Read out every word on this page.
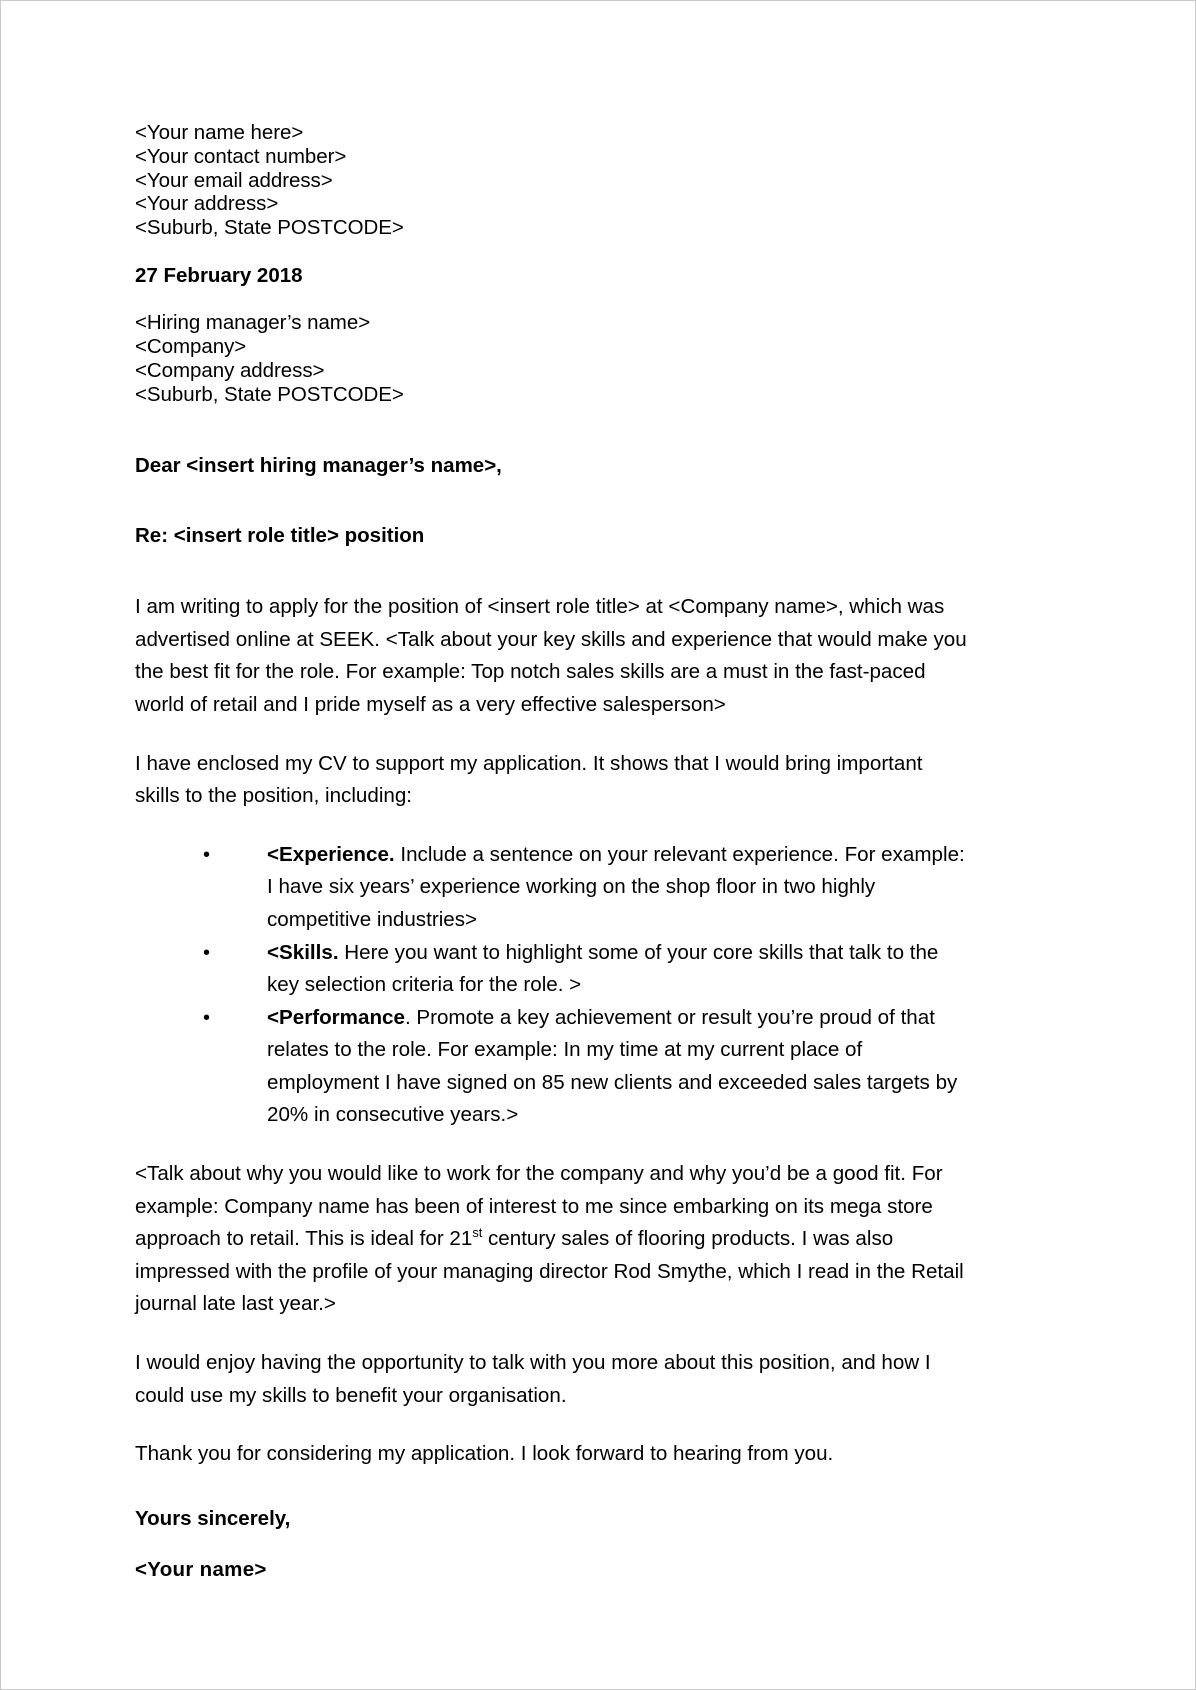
<Your name here>
<Your contact number>
<Your email address>
<Your address>
<Suburb, State POSTCODE>
27 February 2018
<Hiring manager’s name>
<Company>
<Company address>
<Suburb, State POSTCODE>
Dear <insert hiring manager’s name>,
Re: <insert role title> position
I am writing to apply for the position of <insert role title> at <Company name>, which was advertised online at SEEK. <Talk about your key skills and experience that would make you the best fit for the role. For example: Top notch sales skills are a must in the fast-paced world of retail and I pride myself as a very effective salesperson>
I have enclosed my CV to support my application. It shows that I would bring important skills to the position, including:
• <Experience. Include a sentence on your relevant experience. For example: I have six years’ experience working on the shop floor in two highly competitive industries>
• <Skills. Here you want to highlight some of your core skills that talk to the key selection criteria for the role. >
• <Performance. Promote a key achievement or result you’re proud of that relates to the role. For example: In my time at my current place of employment I have signed on 85 new clients and exceeded sales targets by 20% in consecutive years.>
<Talk about why you would like to work for the company and why you’d be a good fit. For example: Company name has been of interest to me since embarking on its mega store approach to retail. This is ideal for 21st century sales of flooring products. I was also impressed with the profile of your managing director Rod Smythe, which I read in the Retail journal late last year.>
I would enjoy having the opportunity to talk with you more about this position, and how I could use my skills to benefit your organisation.
Thank you for considering my application. I look forward to hearing from you.
Yours sincerely,
<Your name>
